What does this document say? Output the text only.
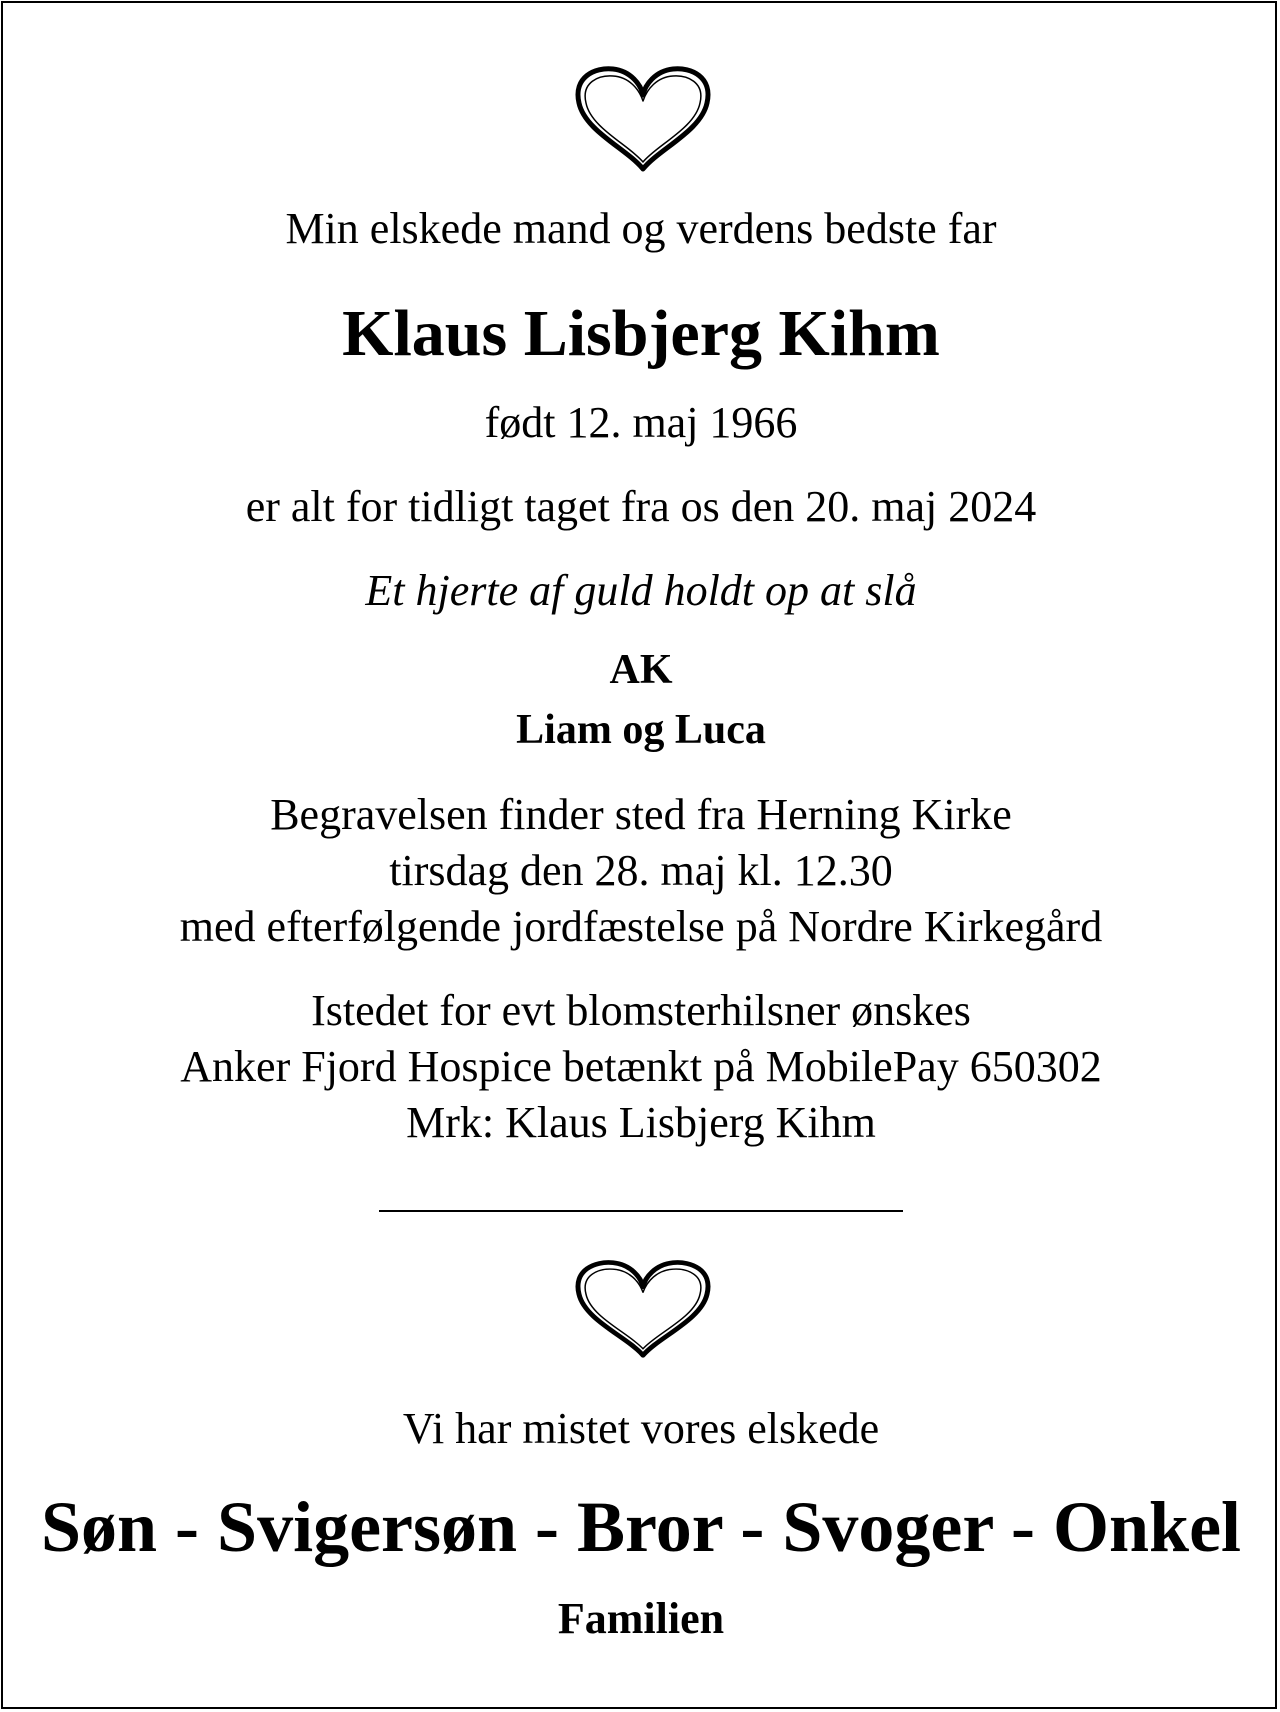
Min elskede mand og verdens bedste far
Klaus Lisbjerg Kihm
født 12. maj 1966
er alt for tidligt taget fra os den 20. maj 2024
Et hjerte af guld holdt op at slå
AK
Liam og Luca
Begravelsen finder sted fra Herning Kirke
tirsdag den 28. maj kl. 12.30
med efterfølgende jordfæstelse på Nordre Kirkegård
Istedet for evt blomsterhilsner ønskes
Anker Fjord Hospice betænkt på MobilePay 650302
Mrk: Klaus Lisbjerg Kihm
Vi har mistet vores elskede
Søn - Svigersøn - Bror - Svoger - Onkel
Familien
